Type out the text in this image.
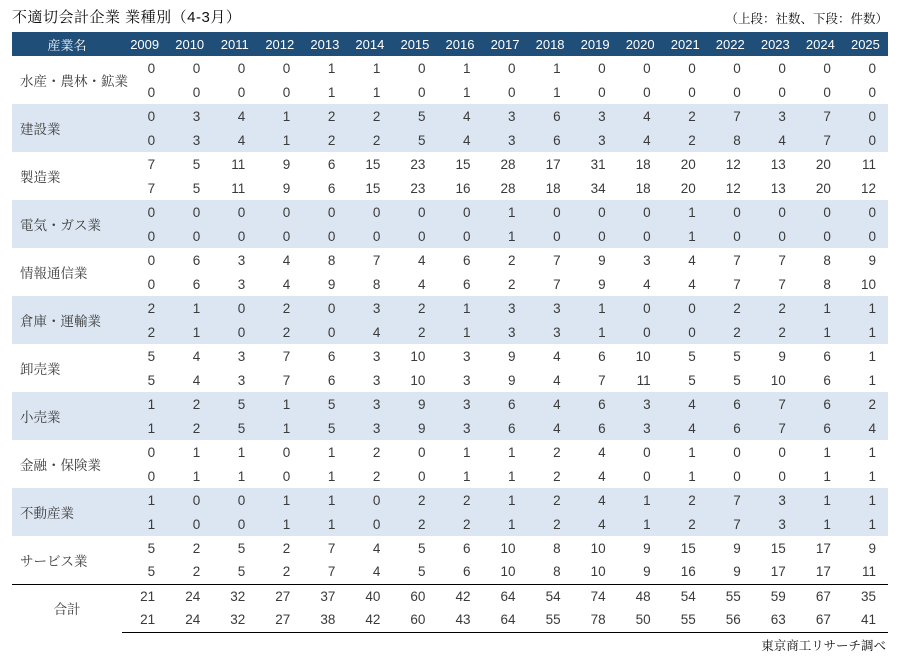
不適切会計企業 業種別（4-3月）	（上段：社数、下段：件数）
産業名	2009	2010	2011	2012	2013	2014	2015	2016	2017	2018	2019	2020	2021	2022	2023	2024	2025
水産・農林・鉱業	0	0	0	0	1	1	0	1	0	1	0	0	0	0	0	0	0
	0	0	0	0	1	1	0	1	0	1	0	0	0	0	0	0	0
建設業	0	3	4	1	2	2	5	4	3	6	3	4	2	7	3	7	0
	0	3	4	1	2	2	5	4	3	6	3	4	2	8	4	7	0
製造業	7	5	11	9	6	15	23	15	28	17	31	18	20	12	13	20	11
	7	5	11	9	6	15	23	16	28	18	34	18	20	12	13	20	12
電気・ガス業	0	0	0	0	0	0	0	0	1	0	0	0	1	0	0	0	0
	0	0	0	0	0	0	0	0	1	0	0	0	1	0	0	0	0
情報通信業	0	6	3	4	8	7	4	6	2	7	9	3	4	7	7	8	9
	0	6	3	4	9	8	4	6	2	7	9	4	4	7	7	8	10
倉庫・運輸業	2	1	0	2	0	3	2	1	3	3	1	0	0	2	2	1	1
	2	1	0	2	0	4	2	1	3	3	1	0	0	2	2	1	1
卸売業	5	4	3	7	6	3	10	3	9	4	6	10	5	5	9	6	1
	5	4	3	7	6	3	10	3	9	4	7	11	5	5	10	6	1
小売業	1	2	5	1	5	3	9	3	6	4	6	3	4	6	7	6	2
	1	2	5	1	5	3	9	3	6	4	6	3	4	6	7	6	4
金融・保険業	0	1	1	0	1	2	0	1	1	2	4	0	1	0	0	1	1
	0	1	1	0	1	2	0	1	1	2	4	0	1	0	0	1	1
不動産業	1	0	0	1	1	0	2	2	1	2	4	1	2	7	3	1	1
	1	0	0	1	1	0	2	2	1	2	4	1	2	7	3	1	1
サービス業	5	2	5	2	7	4	5	6	10	8	10	9	15	9	15	17	9
	5	2	5	2	7	4	5	6	10	8	10	9	16	9	17	17	11
合計	21	24	32	27	37	40	60	42	64	54	74	48	54	55	59	67	35
	21	24	32	27	38	42	60	43	64	55	78	50	55	56	63	67	41
東京商工リサーチ調べ
